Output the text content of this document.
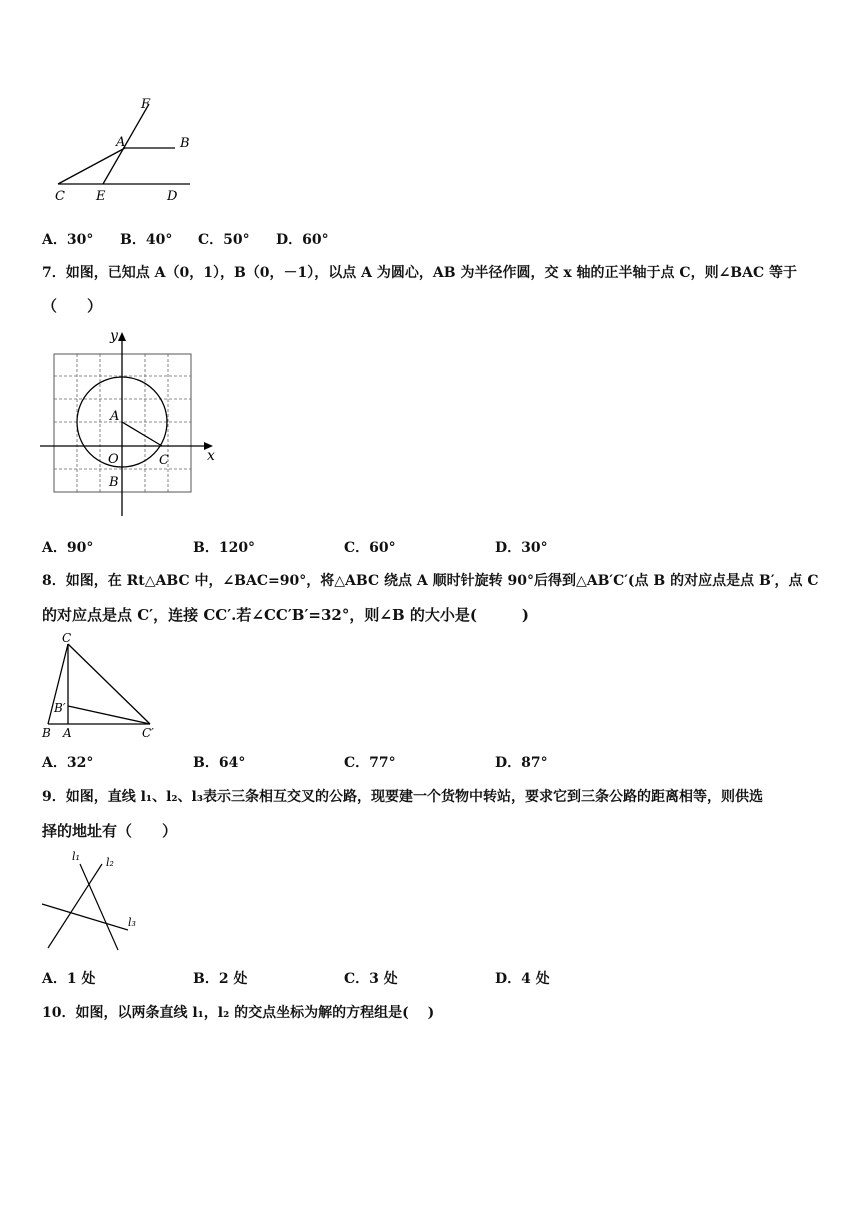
F
A	B
C E	D
A．30° B．40° C．50° D．60°
7．如图，已知点 A（0，1），B（0，－1），以点 A 为圆心，AB 为半径作圆，交 x 轴的正半轴于点 C，则∠BAC 等于
（　　）
y
x
A
O	C
B
A．90°	B．120°	C．60°	D．30°
8．如图，在 Rt△ABC 中，∠BAC=90°，将△ABC 绕点 A 顺时针旋转 90°后得到△AB′C′(点 B 的对应点是点 B′，点 C
的对应点是点 C′，连接 CC′.若∠CC′B′=32°，则∠B 的大小是(　　　)
C
B′
B A	C′
A．32°	B．64°	C．77°	D．87°
9．如图，直线 l₁、l₂、l₃表示三条相互交叉的公路，现要建一个货物中转站，要求它到三条公路的距离相等，则供选
择的地址有（　　）
l₁ l₂
l₃
A．1 处	B．2 处	C．3 处	D．4 处
10．如图，以两条直线 l₁，l₂ 的交点坐标为解的方程组是(　 )
